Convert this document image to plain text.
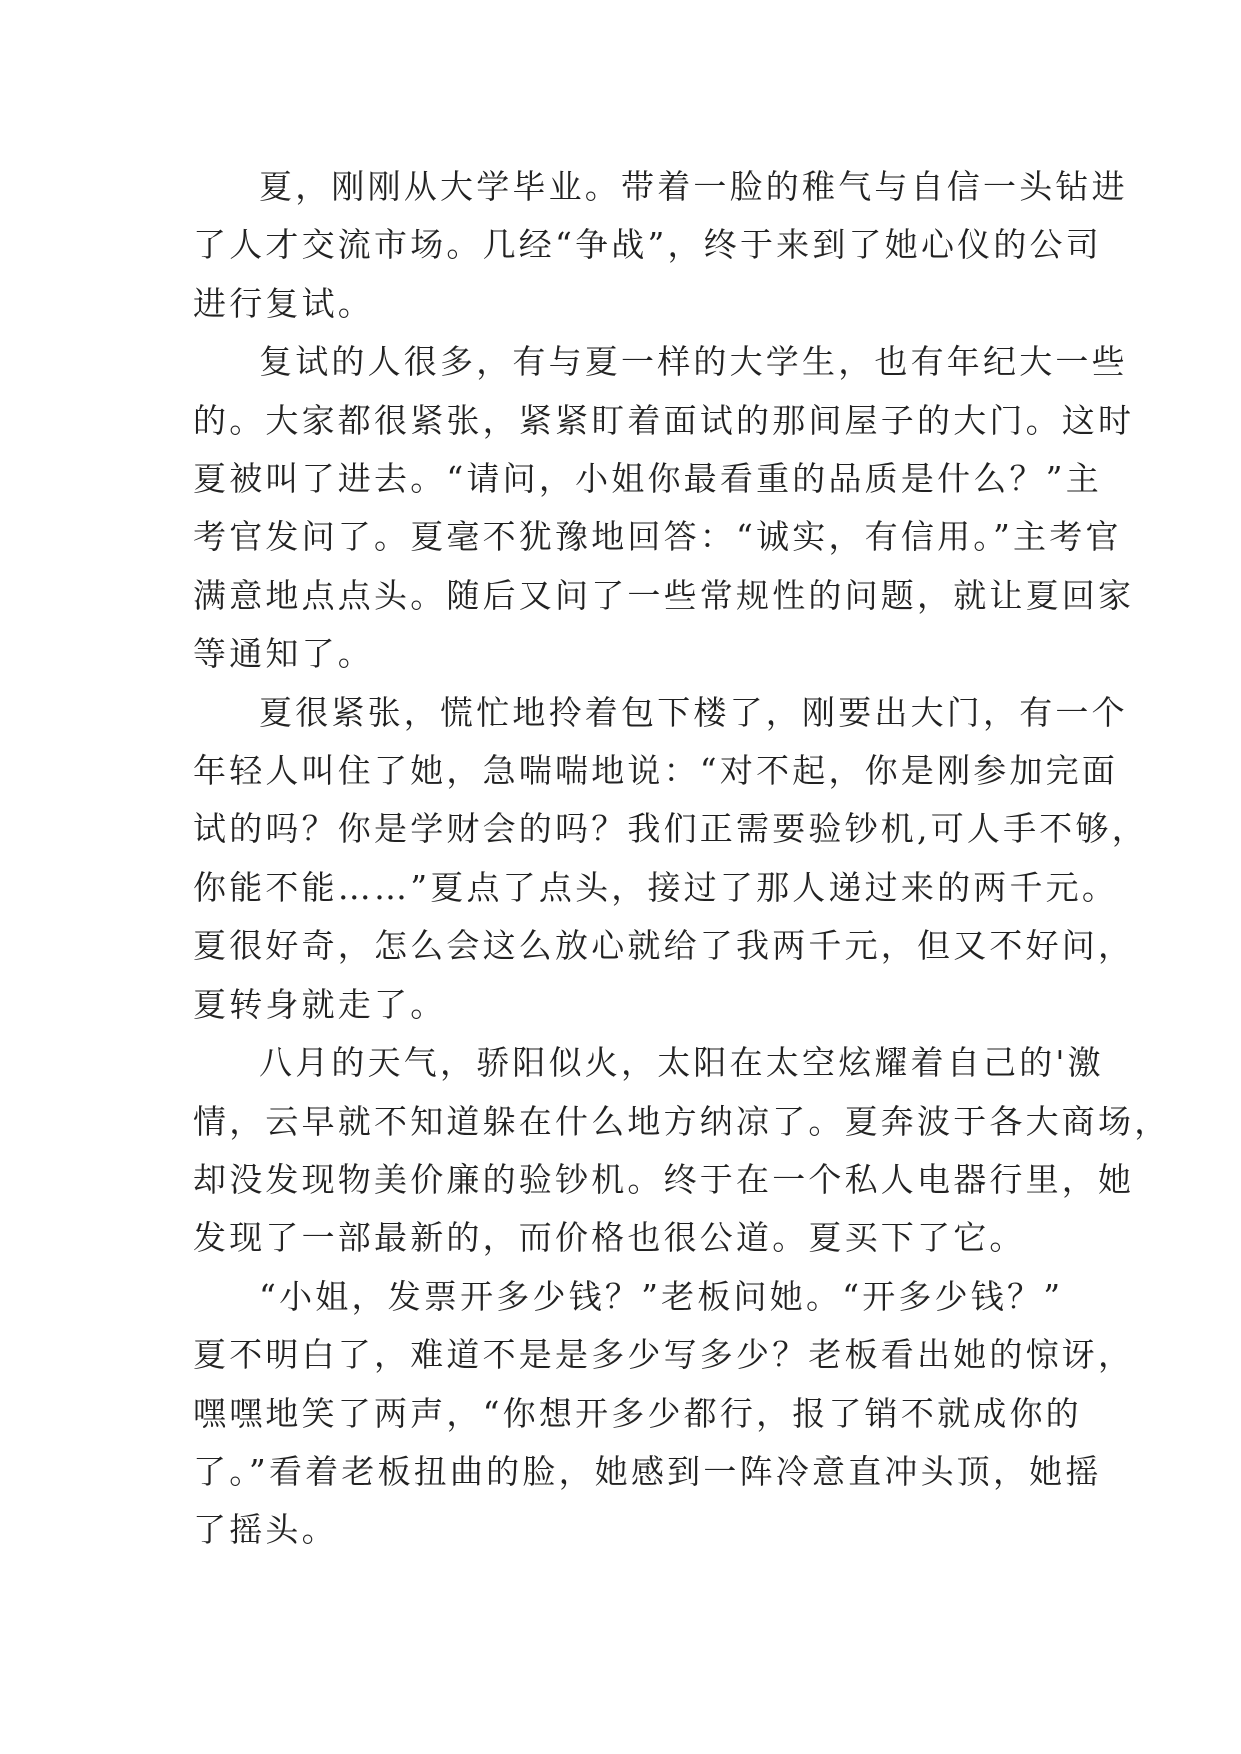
夏，刚刚从大学毕业。带着一脸的稚气与自信一头钻进
了人才交流市场。几经“争战”，终于来到了她心仪的公司
进行复试。
复试的人很多，有与夏一样的大学生，也有年纪大一些
的。大家都很紧张，紧紧盯着面试的那间屋子的大门。这时
夏被叫了进去。“请问，小姐你最看重的品质是什么？”主
考官发问了。夏毫不犹豫地回答：“诚实，有信用。”主考官
满意地点点头。随后又问了一些常规性的问题，就让夏回家
等通知了。
夏很紧张，慌忙地拎着包下楼了，刚要出大门，有一个
年轻人叫住了她，急喘喘地说：“对不起，你是刚参加完面
试的吗？你是学财会的吗？我们正需要验钞机,可人手不够，
你能不能……”夏点了点头，接过了那人递过来的两千元。
夏很好奇，怎么会这么放心就给了我两千元，但又不好问，
夏转身就走了。
八月的天气，骄阳似火，太阳在太空炫耀着自己的'激
情，云早就不知道躲在什么地方纳凉了。夏奔波于各大商场，
却没发现物美价廉的验钞机。终于在一个私人电器行里，她
发现了一部最新的，而价格也很公道。夏买下了它。
“小姐，发票开多少钱？”老板问她。“开多少钱？”
夏不明白了，难道不是是多少写多少？老板看出她的惊讶，
嘿嘿地笑了两声，“你想开多少都行，报了销不就成你的
了。”看着老板扭曲的脸，她感到一阵冷意直冲头顶，她摇
了摇头。
